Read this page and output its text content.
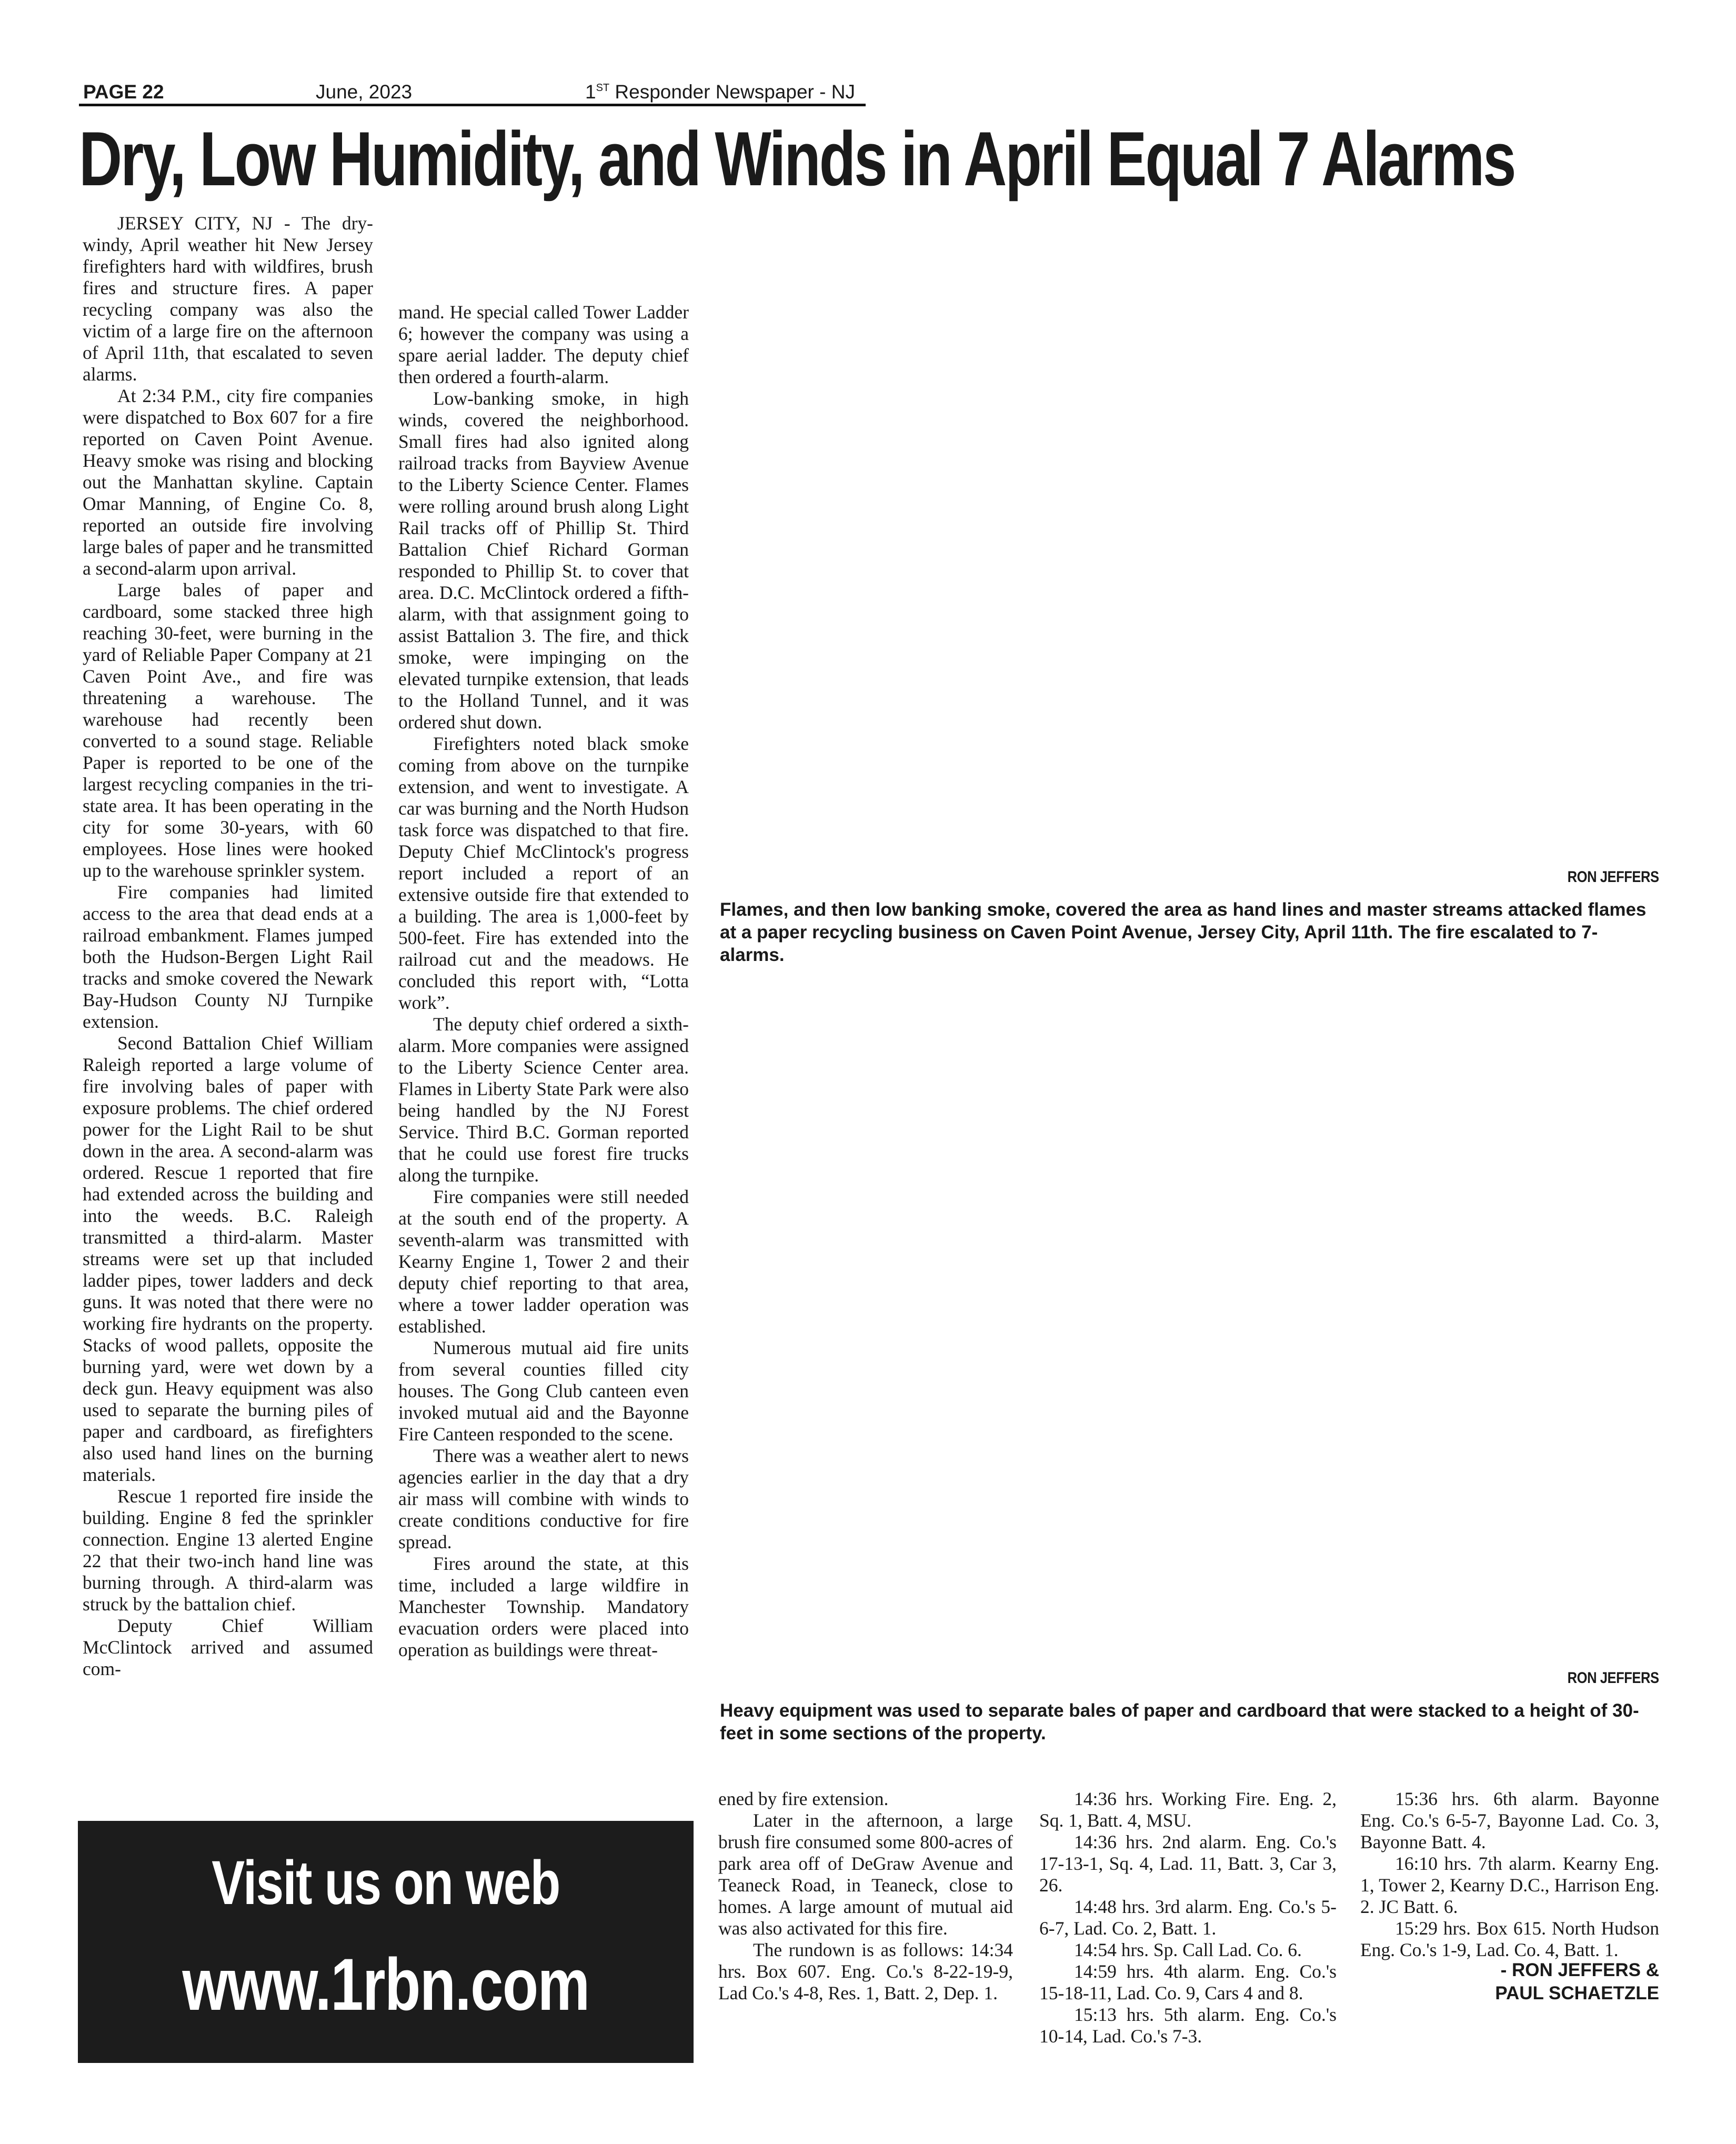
PAGE 22	June, 2023	1ST Responder Newspaper - NJ
Dry, Low Humidity, and Winds in April Equal 7 Alarms

JERSEY CITY, NJ - The dry-windy, April weather hit New Jersey firefighters hard with wildfires, brush fires and structure fires. A paper recycling company was also the victim of a large fire on the afternoon of April 11th, that escalated to seven alarms.

At 2:34 P.M., city fire companies were dispatched to Box 607 for a fire reported on Caven Point Avenue. Heavy smoke was rising and blocking out the Manhattan skyline. Captain Omar Manning, of Engine Co. 8, reported an outside fire involving large bales of paper and he transmitted a second-alarm upon arrival.

Large bales of paper and cardboard, some stacked three high reaching 30-feet, were burning in the yard of Reliable Paper Company at 21 Caven Point Ave., and fire was threatening a warehouse. The warehouse had recently been converted to a sound stage. Reliable Paper is reported to be one of the largest recycling companies in the tri-state area. It has been operating in the city for some 30-years, with 60 employees. Hose lines were hooked up to the warehouse sprinkler system.

Fire companies had limited access to the area that dead ends at a railroad embankment. Flames jumped both the Hudson-Bergen Light Rail tracks and smoke covered the Newark Bay-Hudson County NJ Turnpike extension.

Second Battalion Chief William Raleigh reported a large volume of fire involving bales of paper with exposure problems. The chief ordered power for the Light Rail to be shut down in the area. A second-alarm was ordered. Rescue 1 reported that fire had extended across the building and into the weeds. B.C. Raleigh transmitted a third-alarm. Master streams were set up that included ladder pipes, tower ladders and deck guns. It was noted that there were no working fire hydrants on the property. Stacks of wood pallets, opposite the burning yard, were wet down by a deck gun. Heavy equipment was also used to separate the burning piles of paper and cardboard, as firefighters also used hand lines on the burning materials.

Rescue 1 reported fire inside the building. Engine 8 fed the sprinkler connection. Engine 13 alerted Engine 22 that their two-inch hand line was burning through. A third-alarm was struck by the battalion chief.

Deputy Chief William McClintock arrived and assumed com-

mand. He special called Tower Ladder 6; however the company was using a spare aerial ladder. The deputy chief then ordered a fourth-alarm.

Low-banking smoke, in high winds, covered the neighborhood. Small fires had also ignited along railroad tracks from Bayview Avenue to the Liberty Science Center. Flames were rolling around brush along Light Rail tracks off of Phillip St. Third Battalion Chief Richard Gorman responded to Phillip St. to cover that area. D.C. McClintock ordered a fifth-alarm, with that assignment going to assist Battalion 3. The fire, and thick smoke, were impinging on the elevated turnpike extension, that leads to the Holland Tunnel, and it was ordered shut down.

Firefighters noted black smoke coming from above on the turnpike extension, and went to investigate. A car was burning and the North Hudson task force was dispatched to that fire. Deputy Chief McClintock's progress report included a report of an extensive outside fire that extended to a building. The area is 1,000-feet by 500-feet. Fire has extended into the railroad cut and the meadows. He concluded this report with, “Lotta work”.

The deputy chief ordered a sixth-alarm. More companies were assigned to the Liberty Science Center area. Flames in Liberty State Park were also being handled by the NJ Forest Service. Third B.C. Gorman reported that he could use forest fire trucks along the turnpike.

Fire companies were still needed at the south end of the property. A seventh-alarm was transmitted with Kearny Engine 1, Tower 2 and their deputy chief reporting to that area, where a tower ladder operation was established.

Numerous mutual aid fire units from several counties filled city houses. The Gong Club canteen even invoked mutual aid and the Bayonne Fire Canteen responded to the scene.

There was a weather alert to news agencies earlier in the day that a dry air mass will combine with winds to create conditions conductive for fire spread.

Fires around the state, at this time, included a large wildfire in Manchester Township. Mandatory evacuation orders were placed into operation as buildings were threat-

RON JEFFERS
Flames, and then low banking smoke, covered the area as hand lines and master streams attacked flames at a paper recycling business on Caven Point Avenue, Jersey City, April 11th. The fire escalated to 7-alarms.
RON JEFFERS
Heavy equipment was used to separate bales of paper and cardboard that were stacked to a height of 30-feet in some sections of the property.

ened by fire extension.

Later in the afternoon, a large brush fire consumed some 800-acres of park area off of DeGraw Avenue and Teaneck Road, in Teaneck, close to homes. A large amount of mutual aid was also activated for this fire.

The rundown is as follows: 14:34 hrs. Box 607. Eng. Co.'s 8-22-19-9, Lad Co.'s 4-8, Res. 1, Batt. 2, Dep. 1.

14:36 hrs. Working Fire. Eng. 2, Sq. 1, Batt. 4, MSU.

14:36 hrs. 2nd alarm. Eng. Co.'s 17-13-1, Sq. 4, Lad. 11, Batt. 3, Car 3, 26.

14:48 hrs. 3rd alarm. Eng. Co.'s 5-6-7, Lad. Co. 2, Batt. 1.

14:54 hrs. Sp. Call Lad. Co. 6.

14:59 hrs. 4th alarm. Eng. Co.'s 15-18-11, Lad. Co. 9, Cars 4 and 8.

15:13 hrs. 5th alarm. Eng. Co.'s 10-14, Lad. Co.'s 7-3.

15:36 hrs. 6th alarm. Bayonne Eng. Co.'s 6-5-7, Bayonne Lad. Co. 3, Bayonne Batt. 4.

16:10 hrs. 7th alarm. Kearny Eng. 1, Tower 2, Kearny D.C., Harrison Eng. 2. JC Batt. 6.

15:29 hrs. Box 615. North Hudson Eng. Co.'s 1-9, Lad. Co. 4, Batt. 1.

- RON JEFFERS &
PAUL SCHAETZLE
Visit us on web
www.1rbn.com
